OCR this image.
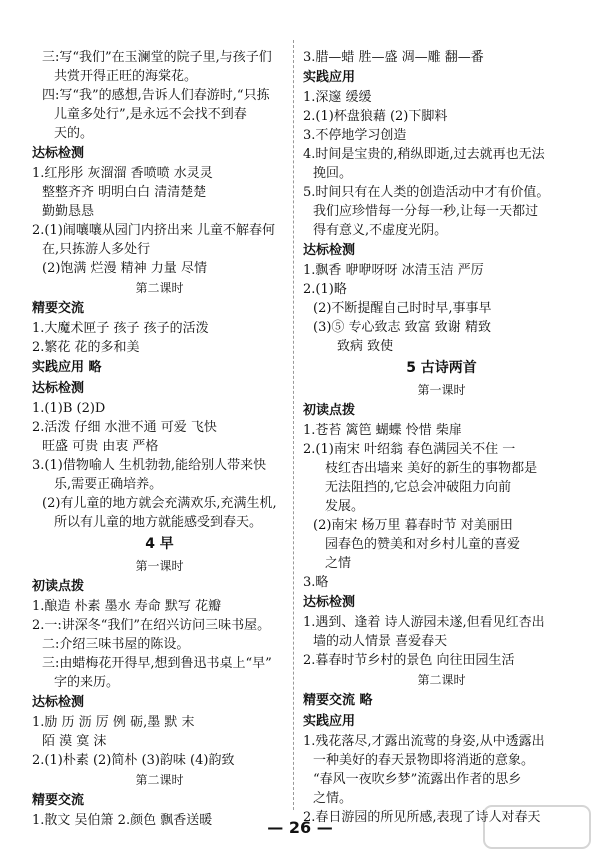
三:写“我们”在玉澜堂的院子里,与孩子们
共赏开得正旺的海棠花。
四:写“我”的感想,告诉人们春游时,“只拣
儿童多处行”,是永远不会找不到春
天的。
达标检测
1.红彤彤 灰溜溜 香喷喷 水灵灵
整整齐齐 明明白白 清清楚楚
勤勤恳恳
2.(1)闹嚷嚷从园门内挤出来 儿童不解春何
在,只拣游人多处行
(2)饱满 烂漫 精神 力量 尽情
第二课时
精要交流
1.大魔术匣子 孩子 孩子的活泼
2.繁花 花的多和美
实践应用 略
达标检测
1.(1)B (2)D
2.活泼 仔细 水泄不通 可爱 飞快
旺盛 可贵 由衷 严格
3.(1)借物喻人 生机勃勃,能给别人带来快
乐,需要正确培养。
(2)有儿童的地方就会充满欢乐,充满生机,
所以有儿童的地方就能感受到春天。
4 早
第一课时
初读点拨
1.酿造 朴素 墨水 寿命 默写 花瓣
2.一:讲深冬“我们”在绍兴访问三味书屋。
二:介绍三味书屋的陈设。
三:由蜡梅花开得早,想到鲁迅书桌上“早”
字的来历。
达标检测
1.励 历 沥 厉 例 砺,墨 默 末
陌 漠 寞 沫
2.(1)朴素 (2)简朴 (3)韵味 (4)韵致
第二课时
精要交流
1.散文 吴伯箫 2.颜色 飘香送暖
3.腊—蜡 胜—盛 凋—雕 翻—番
实践应用
1.深邃 缓缓
2.(1)杯盘狼藉 (2)下脚料
3.不停地学习创造
4.时间是宝贵的,稍纵即逝,过去就再也无法
挽回。
5.时间只有在人类的创造活动中才有价值。
我们应珍惜每一分每一秒,让每一天都过
得有意义,不虚度光阴。
达标检测
1.飘香 咿咿呀呀 冰清玉洁 严厉
2.(1)略
(2)不断提醒自己时时早,事事早
(3)⑤ 专心致志 致富 致谢 精致
致病 致使
5 古诗两首
第一课时
初读点拨
1.苍苔 篱笆 蝴蝶 怜惜 柴扉
2.(1)南宋 叶绍翁 春色满园关不住 一
枝红杏出墙来 美好的新生的事物都是
无法阻挡的,它总会冲破阻力向前
发展。
(2)南宋 杨万里 暮春时节 对美丽田
园春色的赞美和对乡村儿童的喜爱
之情
3.略
达标检测
1.遇到、逢着 诗人游园未遂,但看见红杏出
墙的动人情景 喜爱春天
2.暮春时节乡村的景色 向往田园生活
第二课时
精要交流 略
实践应用
1.残花落尽,才露出流莺的身姿,从中透露出
一种美好的春天景物即将消逝的意象。
“春风一夜吹乡梦”流露出作者的思乡
之情。
2.春日游园的所见所感,表现了诗人对春天
— 26 —
